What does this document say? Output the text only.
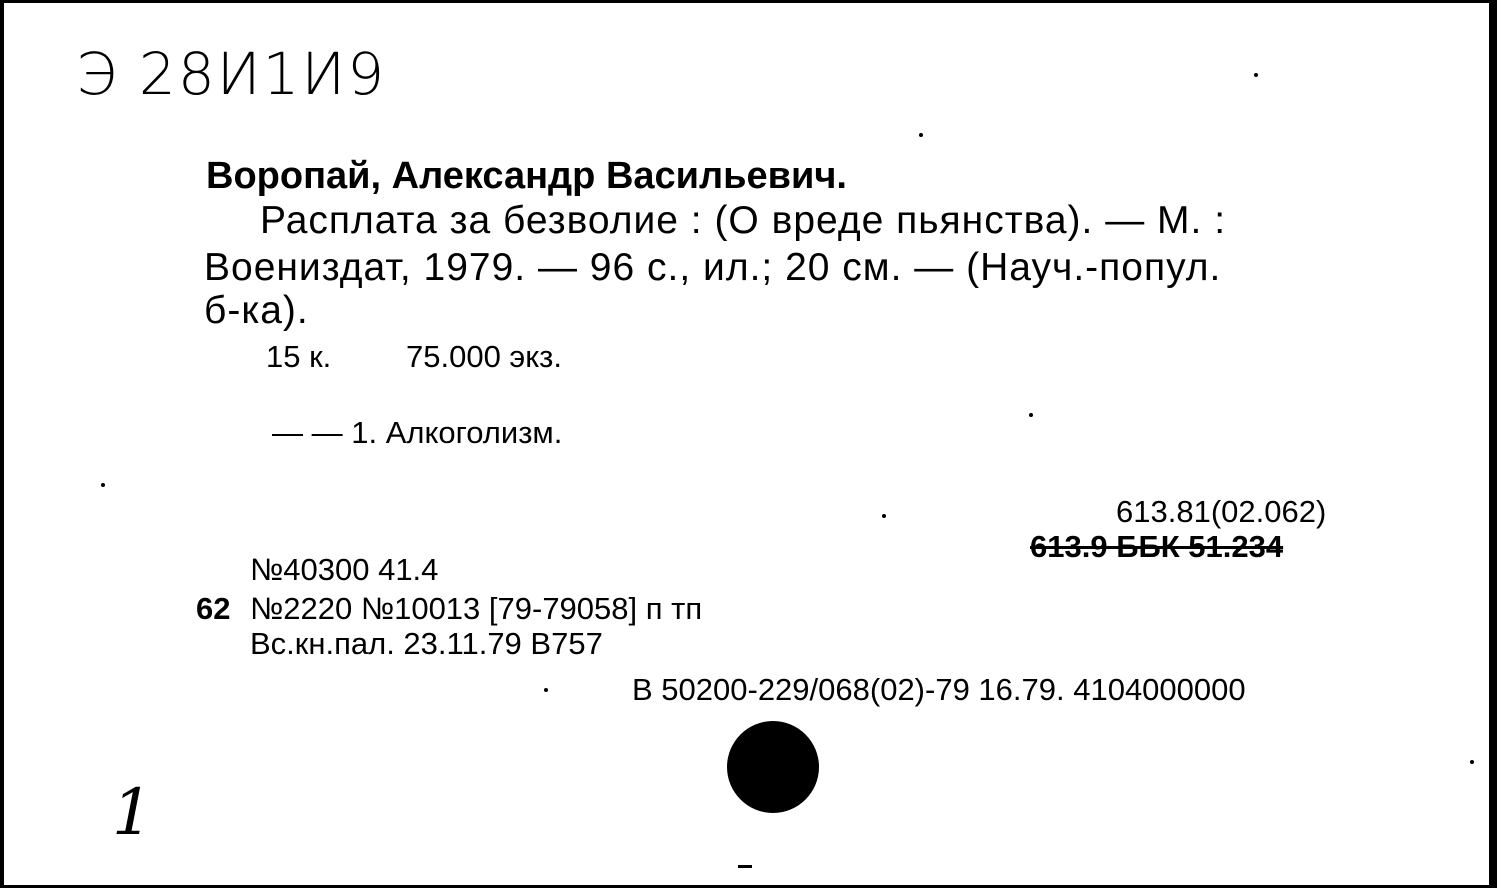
Э 28И1И9
Воропай, Александр Васильевич.
Расплата за безволие : (О вреде пьянства). — М. :
Воениздат, 1979. — 96 с., ил.; 20 см. — (Науч.-попул.
б-ка).
15 к. 75.000 экз.
— — 1. Алкоголизм.
613.81(02.062)
613.9 ББК 51.234
№40300 41.4
62 №2220 №10013 [79-79058] п тп
Вс.кн.пал. 23.11.79 В757
В 50200-229/068(02)-79 16.79. 4104000000
1
